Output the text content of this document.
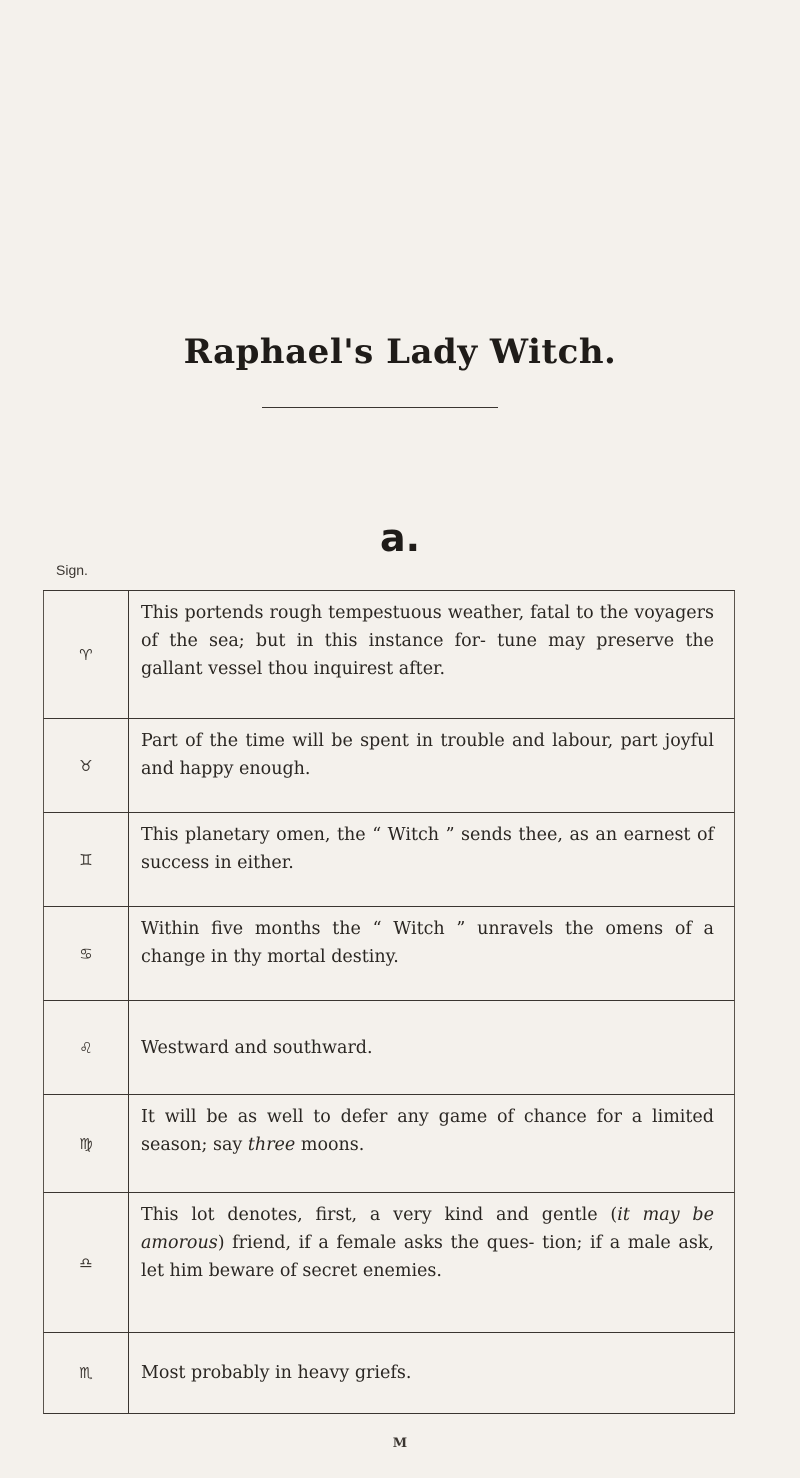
Raphael's Lady Witch.
a.
Sign.
♈︎
This portends rough tempestuous weather, fatal to the voyagers of the sea; but in this instance for- tune may preserve the gallant vessel thou inquirest after.
♉︎
Part of the time will be spent in trouble and labour, part joyful and happy enough.
♊︎
This planetary omen, the “ Witch ” sends thee, as an earnest of success in either.
♋︎
Within five months the “ Witch ” unravels the omens of a change in thy mortal destiny.
♌︎	Westward and southward.
♍︎
It will be as well to defer any game of chance for a limited season; say three moons.
♎︎
This lot denotes, first, a very kind and gentle (it may be amorous) friend, if a female asks the ques- tion; if a male ask, let him beware of secret enemies.
♏︎	Most probably in heavy griefs.
M
